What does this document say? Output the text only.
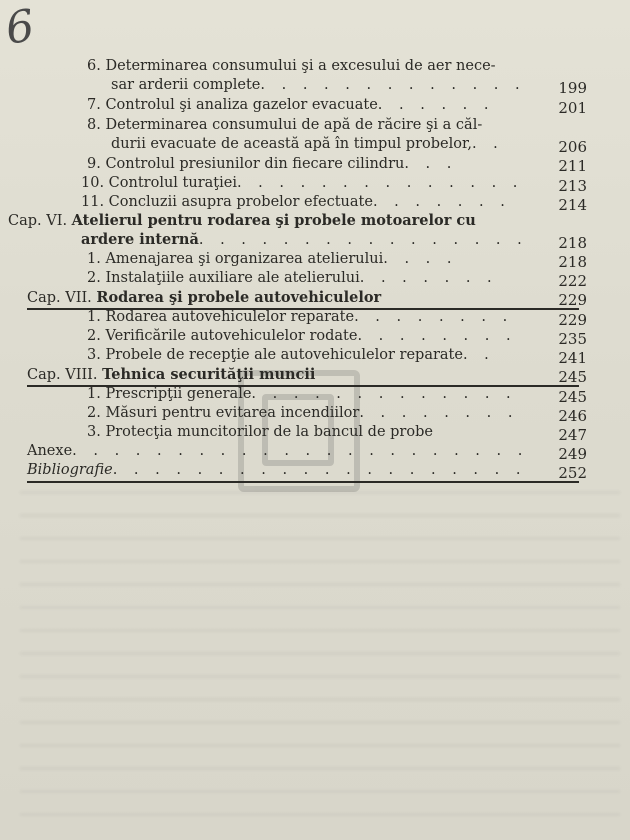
6
6. Determinarea consumului şi a excesului de aer nece-
sar arderii complete. . . . . . . . . . . . .	199
7. Controlul şi analiza gazelor evacuate. . . . . .	201
8. Determinarea consumului de apă de răcire şi a căl-
durii evacuate de această apă în timpul probelor,. .	206
9. Controlul presiunilor din fiecare cilindru. . .	211
10. Controlul turaţiei. . . . . . . . . . . . . .	213
11. Concluzii asupra probelor efectuate. . . . . . .	214
Cap. VI. Atelierul pentru rodarea şi probele motoarelor cu
ardere internă. . . . . . . . . . . . . . . .	218
1. Amenajarea şi organizarea atelierului. . . .	218
2. Instalaţiile auxiliare ale atelierului. . . . . . .	222
Cap. VII. Rodarea şi probele autovehiculelor	229
1. Rodarea autovehiculelor reparate. . . . . . . .	229
2. Verificările autovehiculelor rodate. . . . . . . .	235
3. Probele de recepţie ale autovehiculelor reparate. .	241
Cap. VIII. Tehnica securităţii muncii	245
1. Prescripţii generale. . . . . . . . . . . . .	245
2. Măsuri pentru evitarea incendiilor. . . . . . . .	246
3. Protecţia muncitorilor de la bancul de probe	247
Anexe. . . . . . . . . . . . . . . . . . . . . .	249
Bibliografie. . . . . . . . . . . . . . . . . . . .	252
